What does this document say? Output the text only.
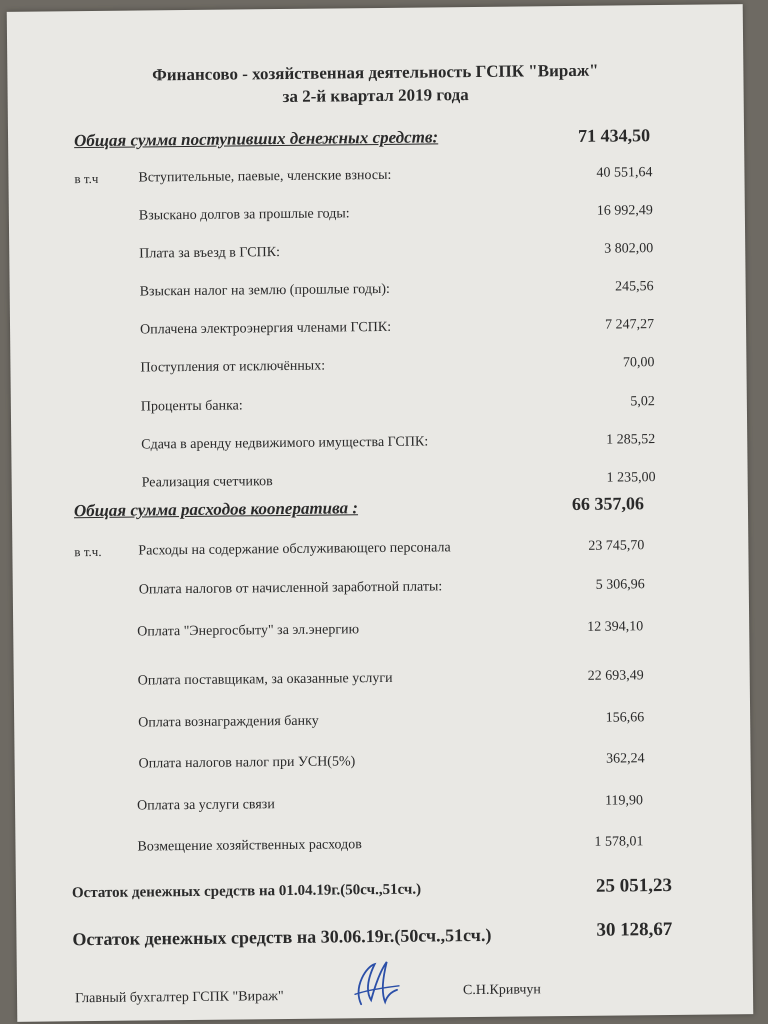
Финансово - хозяйственная деятельность ГСПК "Вираж"
за 2-й квартал 2019 года
Общая сумма поступивших денежных средств:	71 434,50
в т.ч	Вступительные, паевые, членские взносы:	40 551,64
Взыскано долгов за прошлые годы:	16 992,49
Плата за въезд в ГСПК:	3 802,00
Взыскан налог на землю (прошлые годы):	245,56
Оплачена электроэнергия членами ГСПК:	7 247,27
Поступления от исключённых:	70,00
Проценты банка:	5,02
Сдача в аренду недвижимого имущества ГСПК:	1 285,52
Реализация счетчиков	1 235,00
Общая сумма расходов кооператива :	66 357,06
в т.ч.	Расходы на содержание обслуживающего персонала	23 745,70
Оплата налогов от начисленной заработной платы:	5 306,96
Оплата "Энергосбыту" за эл.энергию	12 394,10
Оплата поставщикам, за оказанные услуги	22 693,49
Оплата вознаграждения банку	156,66
Оплата налогов налог при УСН(5%)	362,24
Оплата за услуги связи	119,90
Возмещение хозяйственных расходов	1 578,01
Остаток денежных средств на 01.04.19г.(50сч.,51сч.)	25 051,23
Остаток денежных средств на 30.06.19г.(50сч.,51сч.)	30 128,67
Главный бухгалтер ГСПК "Вираж"	С.Н.Кривчун
